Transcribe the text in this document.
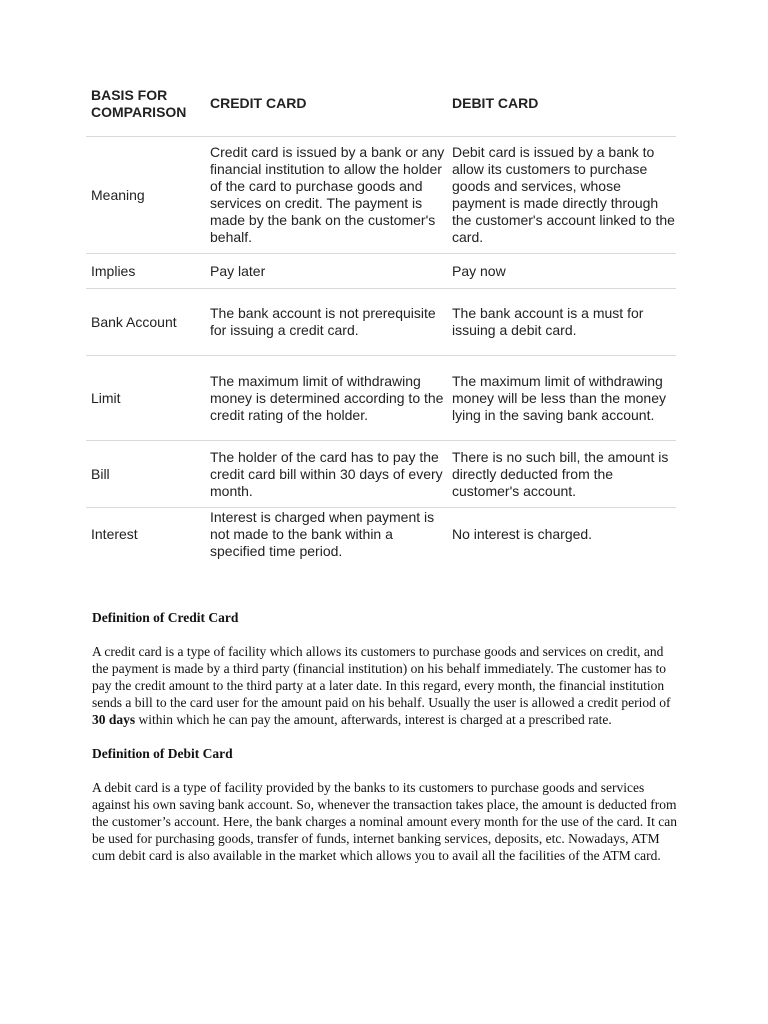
BASIS FOR COMPARISON	CREDIT CARD	DEBIT CARD
Meaning	Credit card is issued by a bank or any financial institution to allow the holder of the card to purchase goods and services on credit. The payment is made by the bank on the customer's behalf.	Debit card is issued by a bank to allow its customers to purchase goods and services, whose payment is made directly through the customer's account linked to the card.
Implies	Pay later	Pay now
Bank Account	The bank account is not prerequisite for issuing a credit card.	The bank account is a must for issuing a debit card.
Limit	The maximum limit of withdrawing money is determined according to the credit rating of the holder.	The maximum limit of withdrawing money will be less than the money lying in the saving bank account.
Bill	The holder of the card has to pay the credit card bill within 30 days of every month.	There is no such bill, the amount is directly deducted from the customer's account.
Interest	Interest is charged when payment is not made to the bank within a specified time period.	No interest is charged.
Definition of Credit Card

A credit card is a type of facility which allows its customers to purchase goods and services on credit, and the payment is made by a third party (financial institution) on his behalf immediately. The customer has to pay the credit amount to the third party at a later date. In this regard, every month, the financial institution sends a bill to the card user for the amount paid on his behalf. Usually the user is allowed a credit period of 30 days within which he can pay the amount, afterwards, interest is charged at a prescribed rate.

Definition of Debit Card

A debit card is a type of facility provided by the banks to its customers to purchase goods and services against his own saving bank account. So, whenever the transaction takes place, the amount is deducted from the customer’s account. Here, the bank charges a nominal amount every month for the use of the card. It can be used for purchasing goods, transfer of funds, internet banking services, deposits, etc. Nowadays, ATM cum debit card is also available in the market which allows you to avail all the facilities of the ATM card.
